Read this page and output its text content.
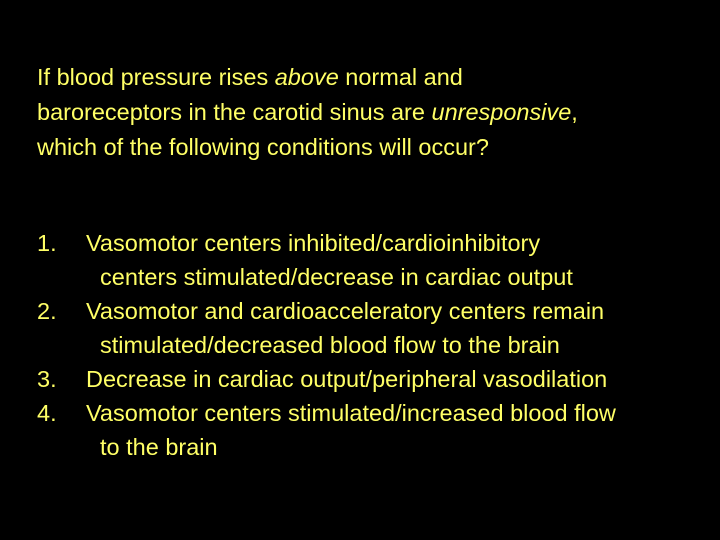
If blood pressure rises above normal and
baroreceptors in the carotid sinus are unresponsive,
which of the following conditions will occur?

1. Vasomotor centers inhibited/cardioinhibitory
centers stimulated/decrease in cardiac output
2. Vasomotor and cardioacceleratory centers remain
stimulated/decreased blood flow to the brain
3. Decrease in cardiac output/peripheral vasodilation
4. Vasomotor centers stimulated/increased blood flow
to the brain
